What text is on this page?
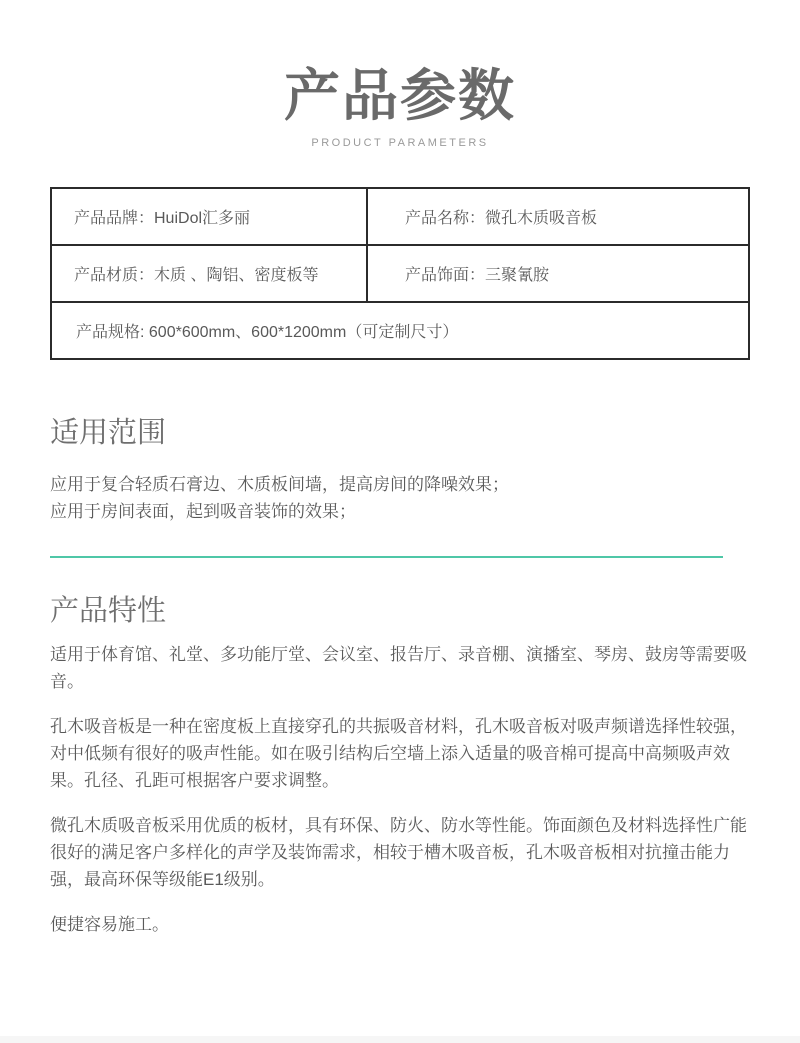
产品参数
PRODUCT PARAMETERS
产品品牌：HuiDol汇多丽	产品名称：微孔木质吸音板
产品材质：木质 、陶铝、密度板等	产品饰面：三聚氰胺
产品规格: 600*600mm、600*1200mm（可定制尺寸）	
适用范围

应用于复合轻质石膏边、木质板间墙，提高房间的降噪效果；
应用于房间表面，起到吸音装饰的效果；

产品特性

适用于体育馆、礼堂、多功能厅堂、会议室、报告厅、录音棚、演播室、琴房、鼓房等需要吸音。

孔木吸音板是一种在密度板上直接穿孔的共振吸音材料，孔木吸音板对吸声频谱选择性较强，对中低频有很好的吸声性能。如在吸引结构后空墙上添入适量的吸音棉可提高中高频吸声效果。孔径、孔距可根据客户要求调整。

微孔木质吸音板采用优质的板材，具有环保、防火、防水等性能。饰面颜色及材料选择性广能很好的满足客户多样化的声学及装饰需求，相较于槽木吸音板，孔木吸音板相对抗撞击能力强，最高环保等级能E1级别。

便捷容易施工。
